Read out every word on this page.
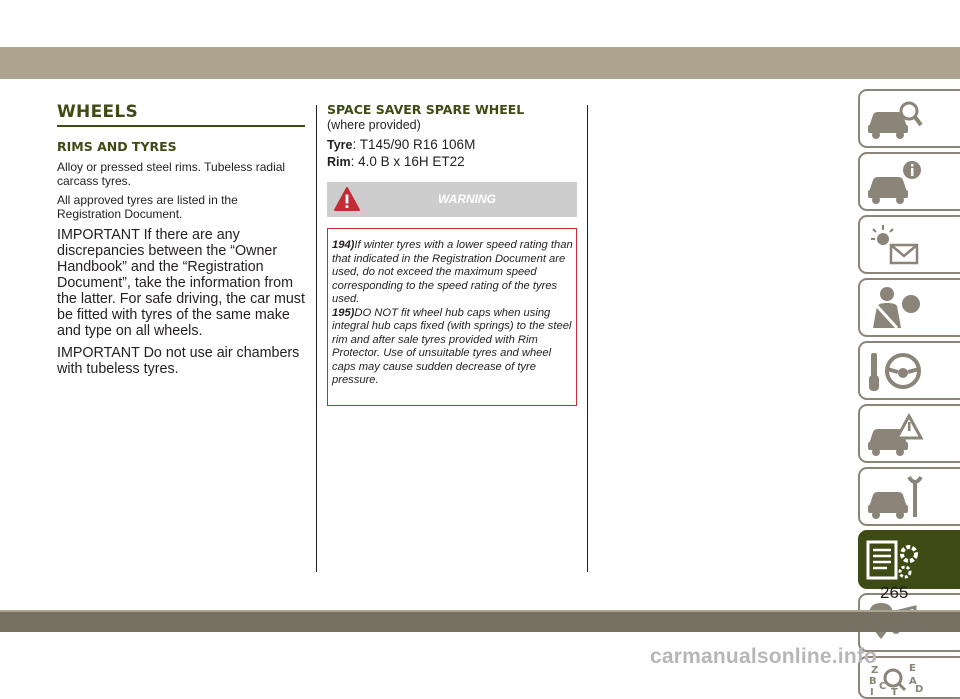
WHEELS
RIMS AND TYRES

Alloy or pressed steel rims. Tubeless radial carcass tyres.

All approved tyres are listed in the Registration Document.

IMPORTANT If there are any discrepancies between the “Owner Handbook” and the “Registration Document”, take the information from the latter. For safe driving, the car must be fitted with tyres of the same make and type on all wheels.

IMPORTANT Do not use air chambers with tubeless tyres.

SPACE SAVER SPARE WHEEL
(where provided)
Tyre: T145/90 R16 106M
Rim: 4.0 B x 16H ET22
WARNING

194)If winter tyres with a lower speed rating than that indicated in the Registration Document are used, do not exceed the maximum speed corresponding to the speed rating of the tyres used.

195)DO NOT fit wheel hub caps when using integral hub caps fixed (with springs) to the steel rim and after sale tyres provided with Rim Protector. Use of unsuitable tyres and wheel caps may cause sudden decrease of tyre pressure.

Z	E
B	A
C	D
I T
265
carmanualsonline.info
